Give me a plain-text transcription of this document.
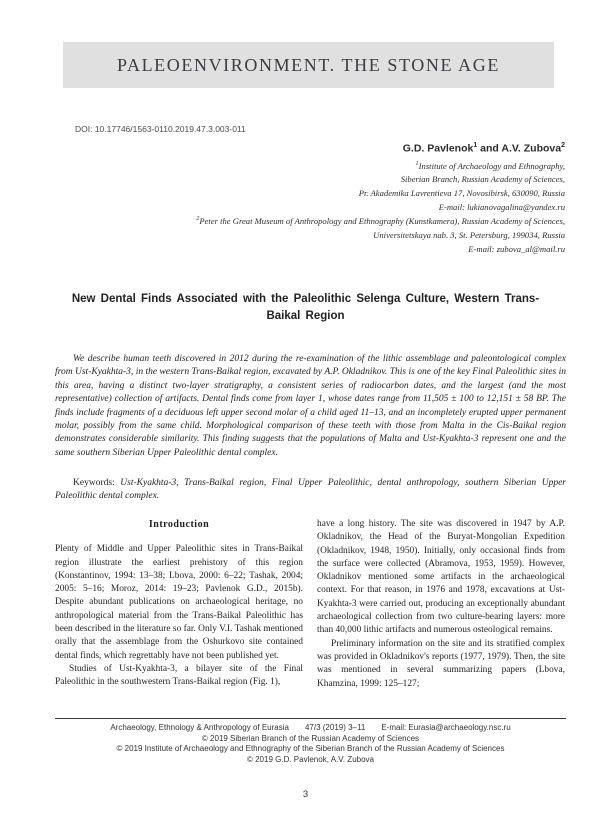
PALEOENVIRONMENT. THE STONE AGE
DOI: 10.17746/1563-0110.2019.47.3.003-011
G.D. Pavlenok$^1$ and A.V. Zubova$^2$
$^1$Institute of Archaeology and Ethnography,
Siberian Branch, Russian Academy of Sciences,
Pr. Akademika Lavrentieva 17, Novosibirsk, 630090, Russia
E-mail: lukianovagalina@yandex.ru
$^2$Peter the Great Museum of Anthropology and Ethnography (Kunstkamera), Russian Academy of Sciences,
Universitetskaya nab. 3, St. Petersburg, 199034, Russia
E-mail: zubova_al@mail.ru
New Dental Finds Associated with the Paleolithic Selenga Culture, Western Trans-Baikal Region

We describe human teeth discovered in 2012 during the re-examination of the lithic assemblage and paleontological complex from Ust-Kyakhta-3, in the western Trans-Baikal region, excavated by A.P. Okladnikov. This is one of the key Final Paleolithic sites in this area, having a distinct two-layer stratigraphy, a consistent series of radiocarbon dates, and the largest (and the most representative) collection of artifacts. Dental finds come from layer 1, whose dates range from 11,505 ± 100 to 12,151 ± 58 BP. The finds include fragments of a deciduous left upper second molar of a child aged 11–13, and an incompletely erupted upper permanent molar, possibly from the same child. Morphological comparison of these teeth with those from Malta in the Cis-Baikal region demonstrates considerable similarity. This finding suggests that the populations of Malta and Ust-Kyakhta-3 represent one and the same southern Siberian Upper Paleolithic dental complex.

Keywords: Ust-Kyakhta-3, Trans-Baikal region, Final Upper Paleolithic, dental anthropology, southern Siberian Upper Paleolithic dental complex.

Introduction

Plenty of Middle and Upper Paleolithic sites in Trans-Baikal region illustrate the earliest prehistory of this region (Konstantinov, 1994: 13–38; Lbova, 2000: 6–22; Tashak, 2004; 2005: 5–16; Moroz, 2014: 19–23; Pavlenok G.D., 2015b). Despite abundant publications on archaeological heritage, no anthropological material from the Trans-Baikal Paleolithic has been described in the literature so far. Only V.I. Tashak mentioned orally that the assemblage from the Oshurkovo site contained dental finds, which regrettably have not been published yet.

Studies of Ust-Kyakhta-3, a bilayer site of the Final Paleolithic in the southwestern Trans-Baikal region (Fig. 1),

have a long history. The site was discovered in 1947 by A.P. Okladnikov, the Head of the Buryat-Mongolian Expedition (Okladnikov, 1948, 1950). Initially, only occasional finds from the surface were collected (Abramova, 1953, 1959). However, Okladnikov mentioned some artifacts in the archaeological context. For that reason, in 1976 and 1978, excavations at Ust-Kyakhta-3 were carried out, producing an exceptionally abundant archaeological collection from two culture-bearing layers: more than 40,000 lithic artifacts and numerous osteological remains.

Preliminary information on the site and its stratified complex was provided in Okladnikov's reports (1977, 1979). Then, the site was mentioned in several summarizing papers (Lbova, Khamzina, 1999: 125–127;

Archaeology, Ethnology & Anthropology of Eurasia 47/3 (2019) 3–11 E-mail: Eurasia@archaeology.nsc.ru
© 2019 Siberian Branch of the Russian Academy of Sciences
© 2019 Institute of Archaeology and Ethnography of the Siberian Branch of the Russian Academy of Sciences
© 2019 G.D. Pavlenok, A.V. Zubova
3
